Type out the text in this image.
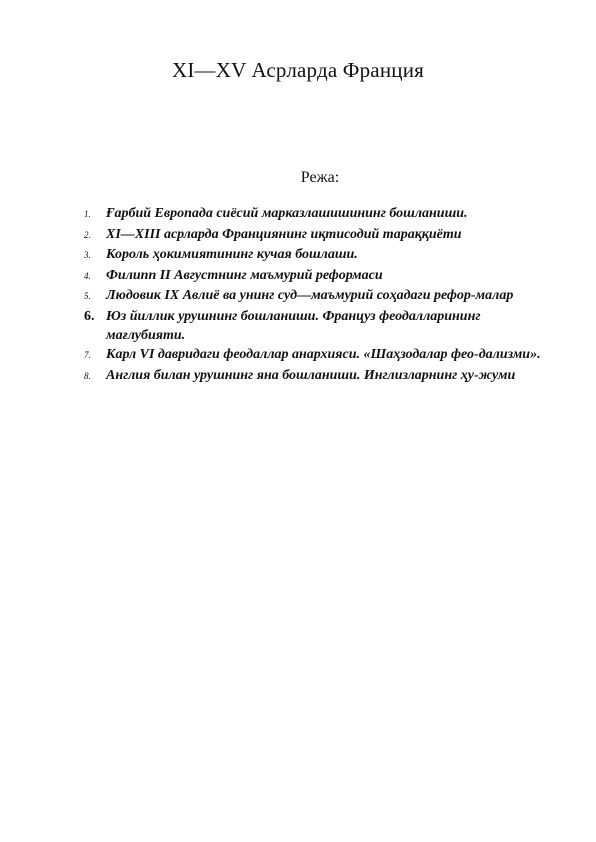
XI—XV Асрларда Франция
Режа:
1.	Ғарбий Европада сиёсий марказлашишининг бошланиши.
2.	XI—XIII асрларда Франциянинг иқтисодий тараққиёти
3.	Король ҳокимиятининг кучая бошлаши.
4.	Филипп II Августнинг маъмурий реформаси
5.	Людовик IX Авлиё ва унинг суд—маъмурий соҳадаги рефор-малар
6. Юз йиллик урушнинг бошланиши. Француз феодалларининг мағлубияти.
7.	Карл VI давридаги феодаллар анархияси. «Шаҳзодалар фео-дализми».
8.	Англия билан урушнинг яна бошланиши. Инглизларнинг ҳу-жуми
